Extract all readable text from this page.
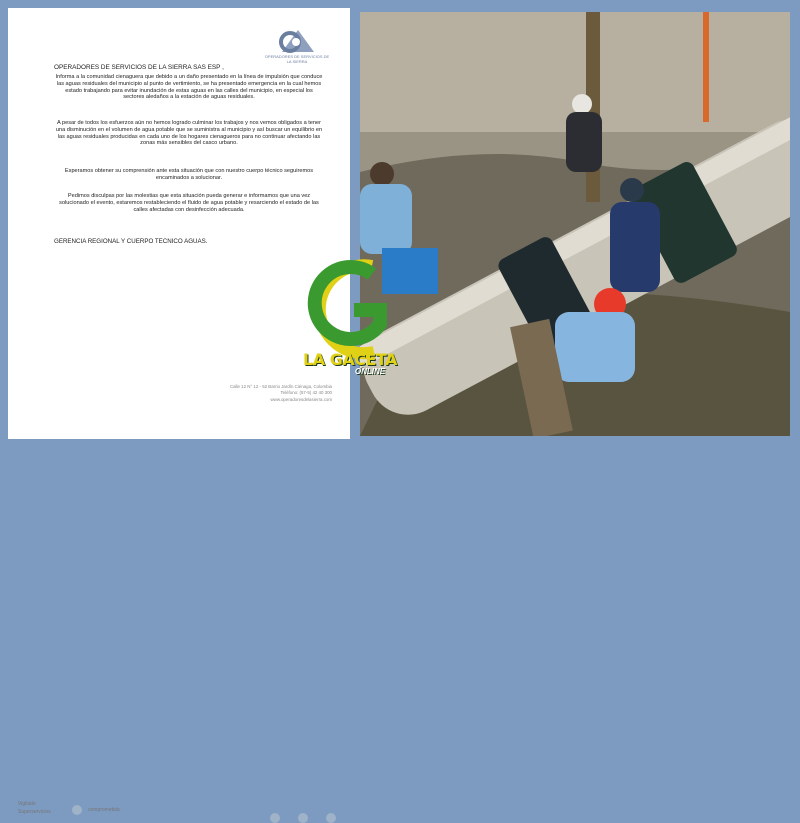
OPERADORES DE SERVICIOS DE LA SIERRA
OPERADORES DE SERVICIOS DE LA SIERRA SAS ESP ,
Informa a la comunidad cienaguera que debido a un daño presentado en la línea de impulsión que conduce las aguas residuales del municipio al punto de vertimiento, se ha presentado emergencia en la cual hemos estado trabajando para evitar inundación de estas aguas en las calles del municipio, en especial los sectores aledaños a la estación de aguas residuales.
A pesar de todos los esfuerzos aún no hemos logrado culminar los trabajos y nos vemos obligados a tener una disminución en el volumen de agua potable que se suministra al municipio y así buscar un equilibrio en las aguas residuales producidas en cada uno de los hogares cienagueros para no continuar afectando las zonas más sensibles del casco urbano.
Esperamos obtener su comprensión ante esta situación que con nuestro cuerpo técnico seguiremos encaminados a solucionar.
Pedimos disculpas por las molestias que esta situación pueda generar e informamos que una vez solucionado el evento, estaremos restableciendo el fluido de agua potable y resarciendo el estado de las calles afectadas con desinfección adecuada.
GERENCIA REGIONAL Y CUERPO TECNICO AGUAS.
Calle 12 N° 12 - 52 Barrio Jardín Ciénaga, Colombia
Teléfono: (57-5) 42 40 300
www.operadoresdelasierra.com
Vigilado
Superservicios	comprometida
LA GACETA
ONLINE
